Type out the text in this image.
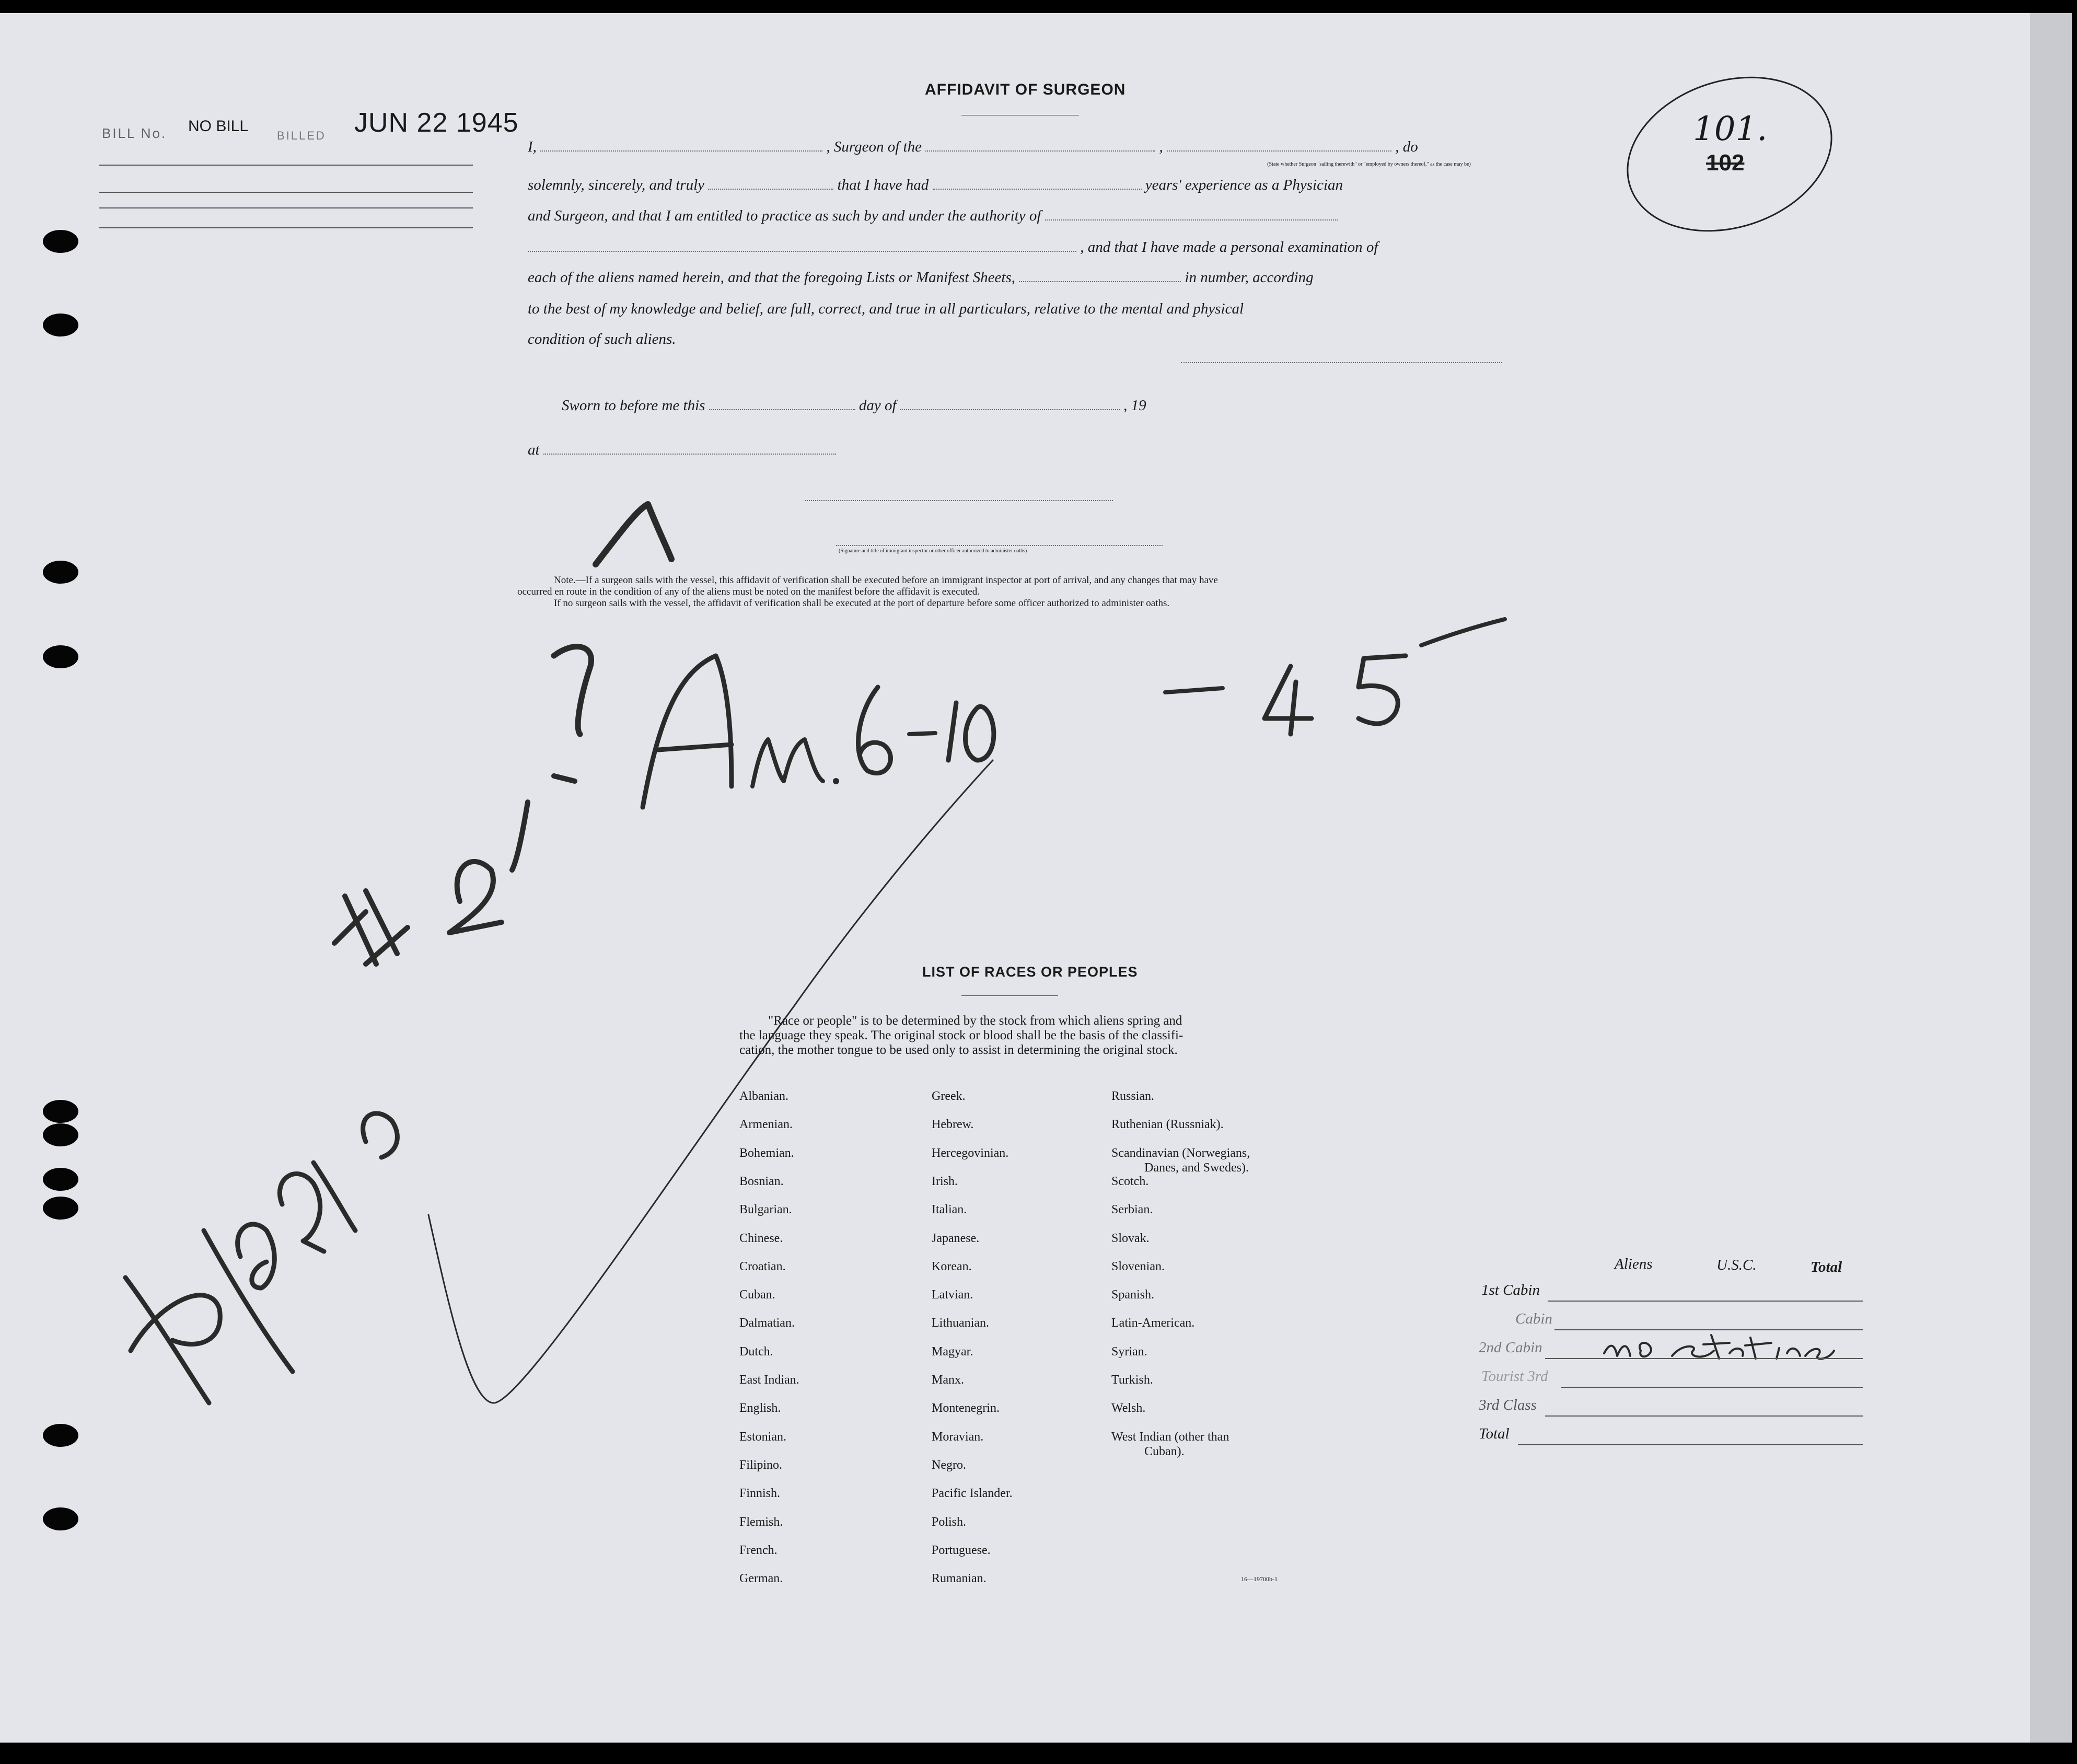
BILL No. NO BILL
BILLED JUN 22 1945	101.
102
AFFIDAVIT OF SURGEON
I,	, Surgeon of the	,	, do
(State whether Surgeon "sailing therewith" or "employed by owners thereof," as the case may be)
solemnly, sincerely, and truly	that I have had	years' experience as a Physician
and Surgeon, and that I am entitled to practice as such by and under the authority of
, and that I have made a personal examination of
each of the aliens named herein, and that the foregoing Lists or Manifest Sheets,	in number, according
to the best of my knowledge and belief, are full, correct, and true in all particulars, relative to the mental and physical
condition of such aliens.
Sworn to before me this	day of	, 19
at
(Signature and title of immigrant inspector or other officer authorized to administer oaths)
Note.—If a surgeon sails with the vessel, this affidavit of verification shall be executed before an immigrant inspector at port of arrival, and any changes that may have
occurred en route in the condition of any of the aliens must be noted on the manifest before the affidavit is executed.
If no surgeon sails with the vessel, the affidavit of verification shall be executed at the port of departure before some officer authorized to administer oaths.
LIST OF RACES OR PEOPLES
"Race or people" is to be determined by the stock from which aliens spring and
the language they speak. The original stock or blood shall be the basis of the classifi-
cation, the mother tongue to be used only to assist in determining the original stock.
Albanian.
Armenian.
Bohemian.
Bosnian.
Bulgarian.
Chinese.
Croatian.
Cuban.
Dalmatian.
Dutch.
East Indian.
English.
Estonian.
Filipino.
Finnish.
Flemish.
French.
German.
Greek.
Hebrew.
Hercegovinian.
Irish.
Italian.
Japanese.
Korean.
Latvian.
Lithuanian.
Magyar.
Manx.
Montenegrin.
Moravian.
Negro.
Pacific Islander.
Polish.
Portuguese.
Rumanian.
Russian.
Ruthenian (Russniak).
Scandinavian (Norwegians,
Danes, and Swedes).
Scotch.
Serbian.
Slovak.
Slovenian.
Spanish.
Latin-American.
Syrian.
Turkish.
Welsh.
West Indian (other than
Cuban).
16—19700b-1
Aliens	U.S.C.	Total
1st Cabin
Cabin
2nd Cabin
Tourist 3rd
3rd Class
Total
